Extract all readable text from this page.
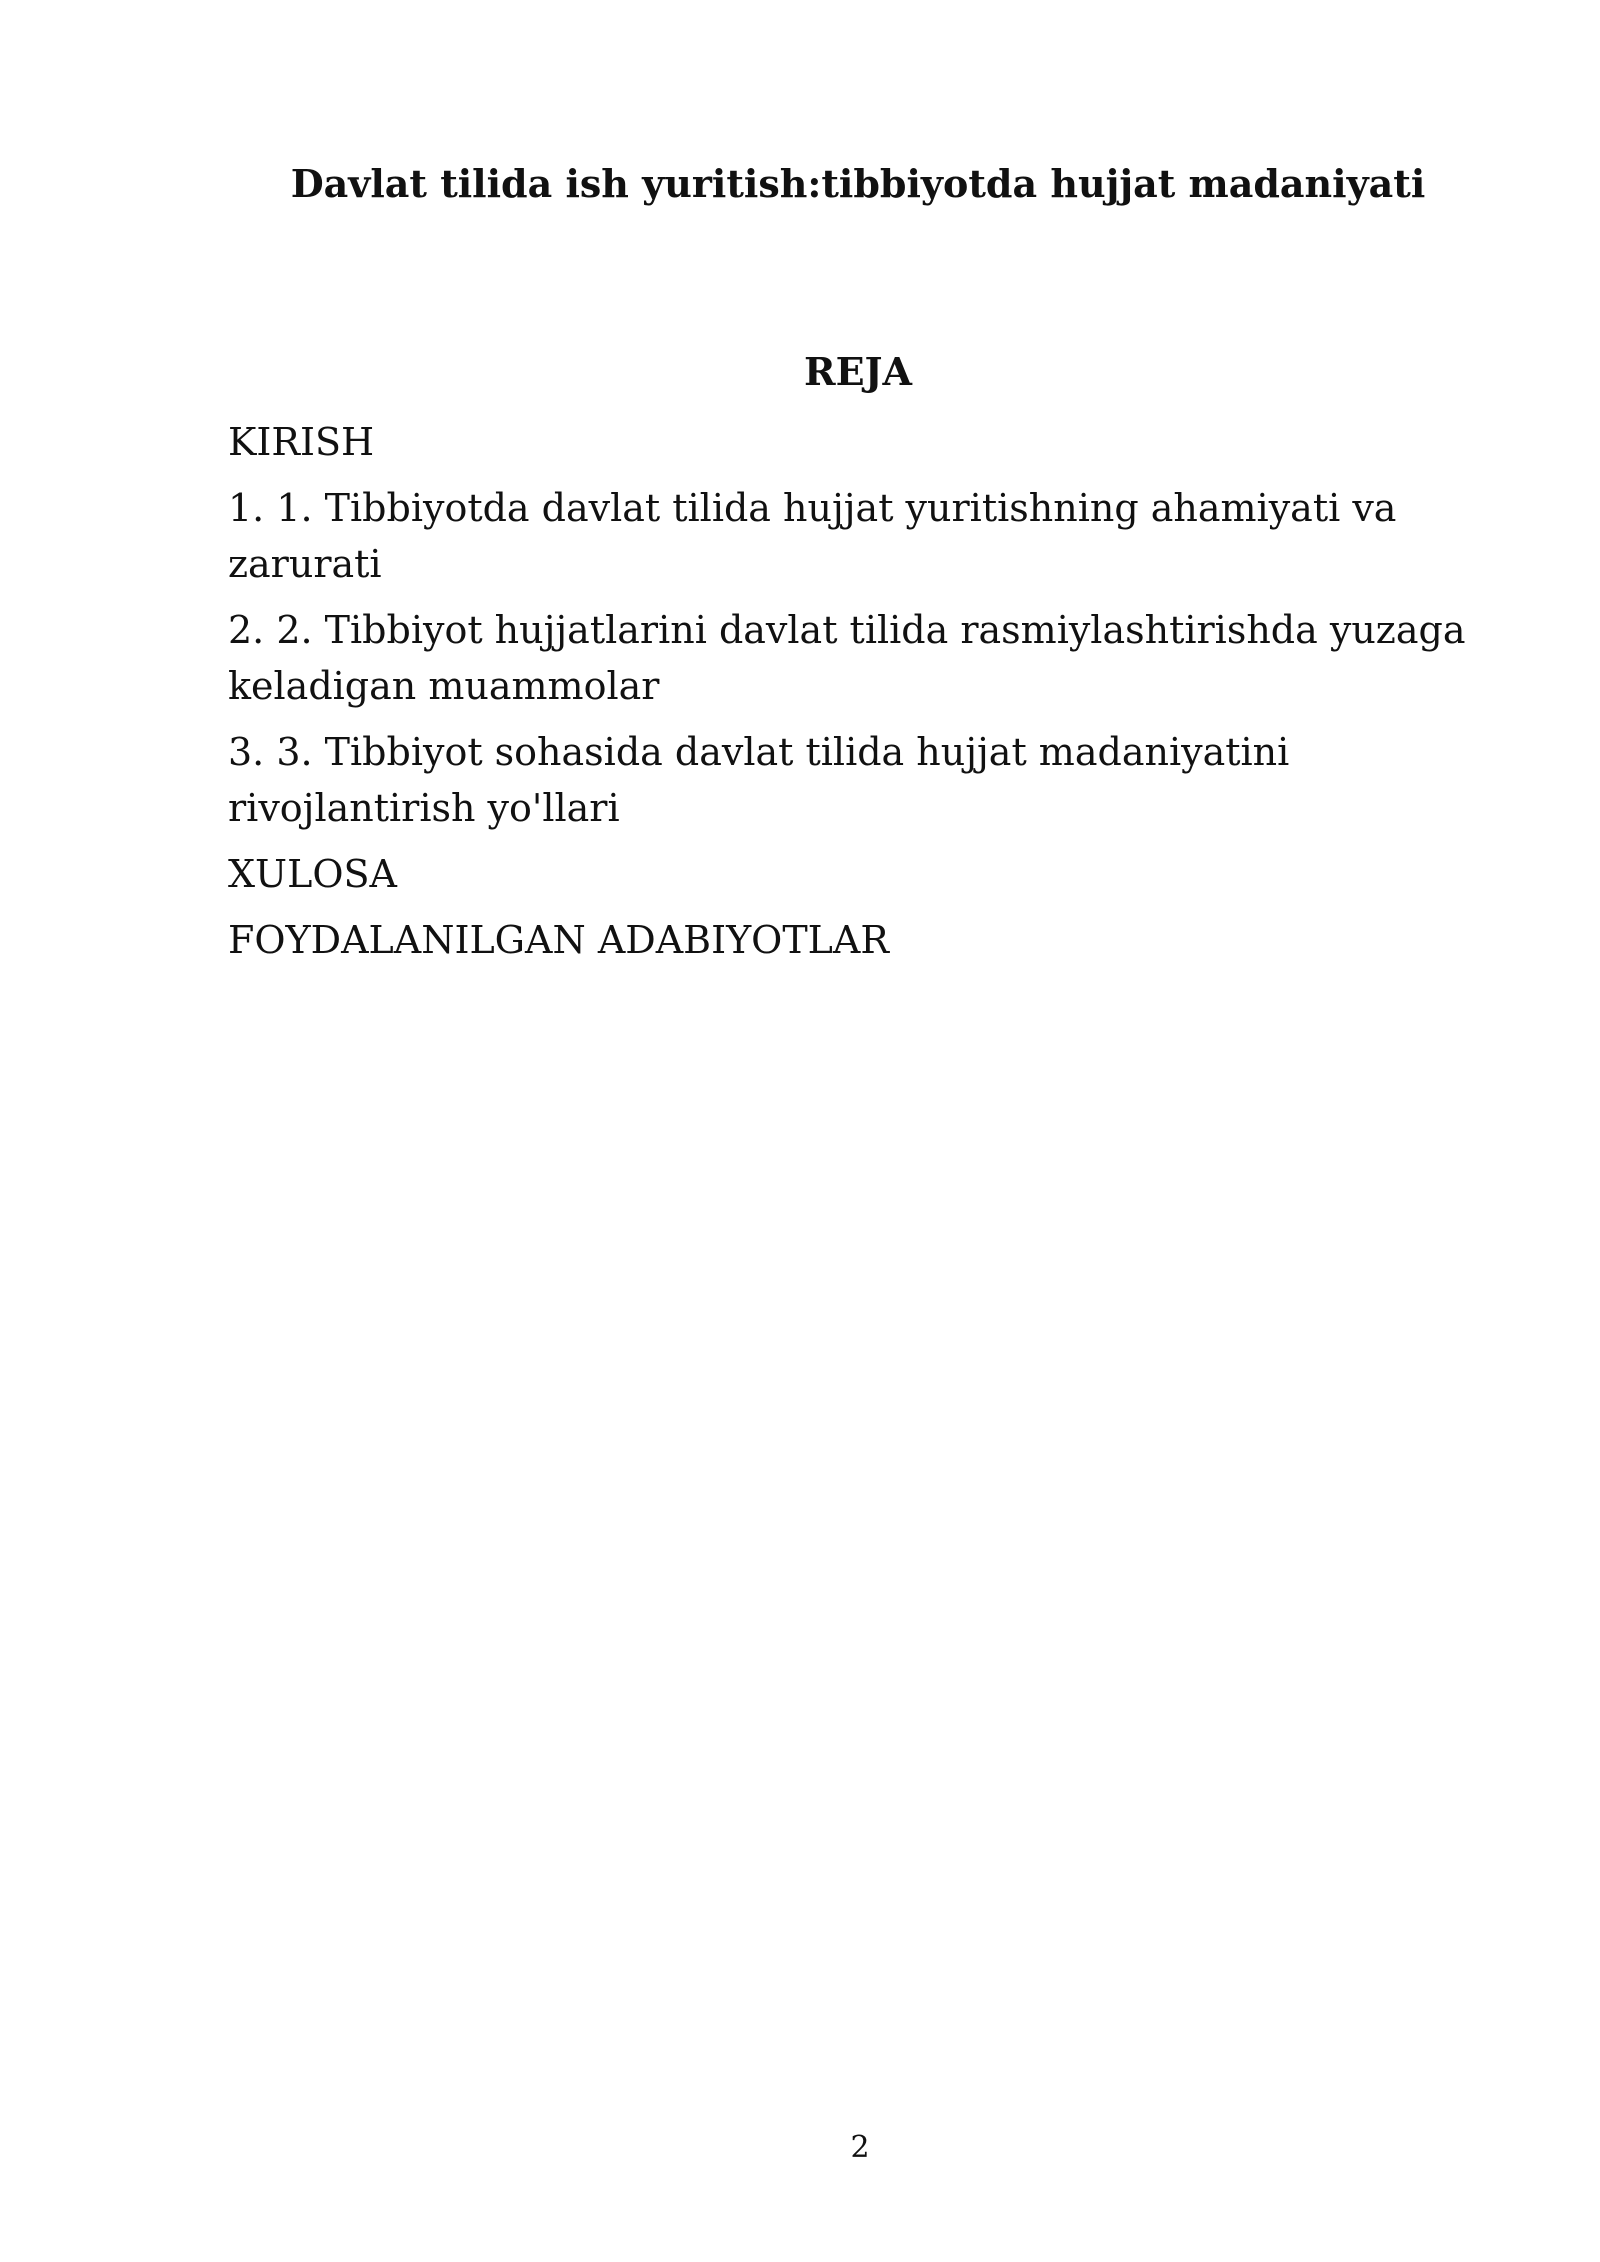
Davlat tilida ish yuritish:tibbiyotda hujjat madaniyati
REJA
KIRISH
1. 1. Tibbiyotda davlat tilida hujjat yuritishning ahamiyati va zarurati
2. 2. Tibbiyot hujjatlarini davlat tilida rasmiylashtirishda yuzaga keladigan muammolar
3. 3. Tibbiyot sohasida davlat tilida hujjat madaniyatini rivojlantirish yo'llari
XULOSA
FOYDALANILGAN ADABIYOTLAR
2
